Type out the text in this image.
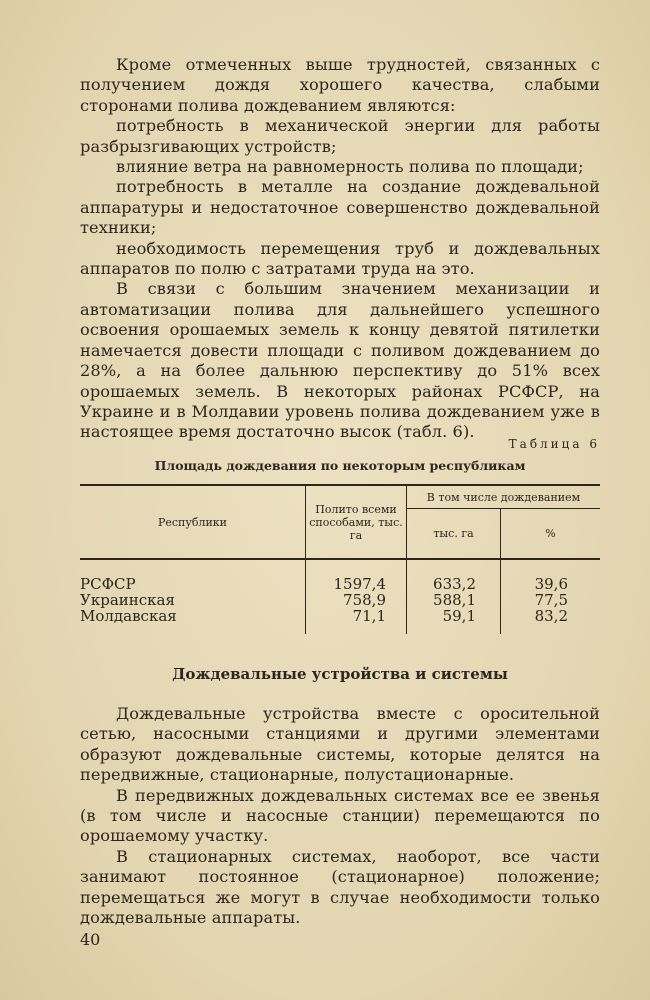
Кроме отмеченных выше трудностей, связанных с получением дождя хорошего качества, слабыми сторонами полива дождеванием являются:

потребность в механической энергии для работы разбрызгивающих устройств;

влияние ветра на равномерность полива по площади;

потребность в металле на создание дождевальной аппаратуры и недостаточное совершенство дождевальной техники;

необходимость перемещения труб и дождевальных аппаратов по полю с затратами труда на это.

В связи с большим значением механизации и автоматизации полива для дальнейшего успешного освоения орошаемых земель к концу девятой пятилетки намечается довести площади с поливом дождеванием до 28%, а на более дальнюю перспективу до 51% всех орошаемых земель. В некоторых районах РСФСР, на Украине и в Молдавии уровень полива дождеванием уже в настоящее время достаточно высок (табл. 6).

Таблица 6
Площадь дождевания по некоторым республикам
Республики	Полито всеми способами, тыс. га	В том числе дождеванием	
		тыс. га	%
РСФСР	1597,4	633,2	39,6
Украинская	758,9	588,1	77,5
Молдавская	71,1	59,1	83,2
Дождевальные устройства и системы

Дождевальные устройства вместе с оросительной сетью, насосными станциями и другими элементами образуют дождевальные системы, которые делятся на передвижные, стационарные, полустационарные.

В передвижных дождевальных системах все ее звенья (в том числе и насосные станции) перемещаются по орошаемому участку.

В стационарных системах, наоборот, все части занимают постоянное (стационарное) положение; перемещаться же могут в случае необходимости только дождевальные аппараты.

40
